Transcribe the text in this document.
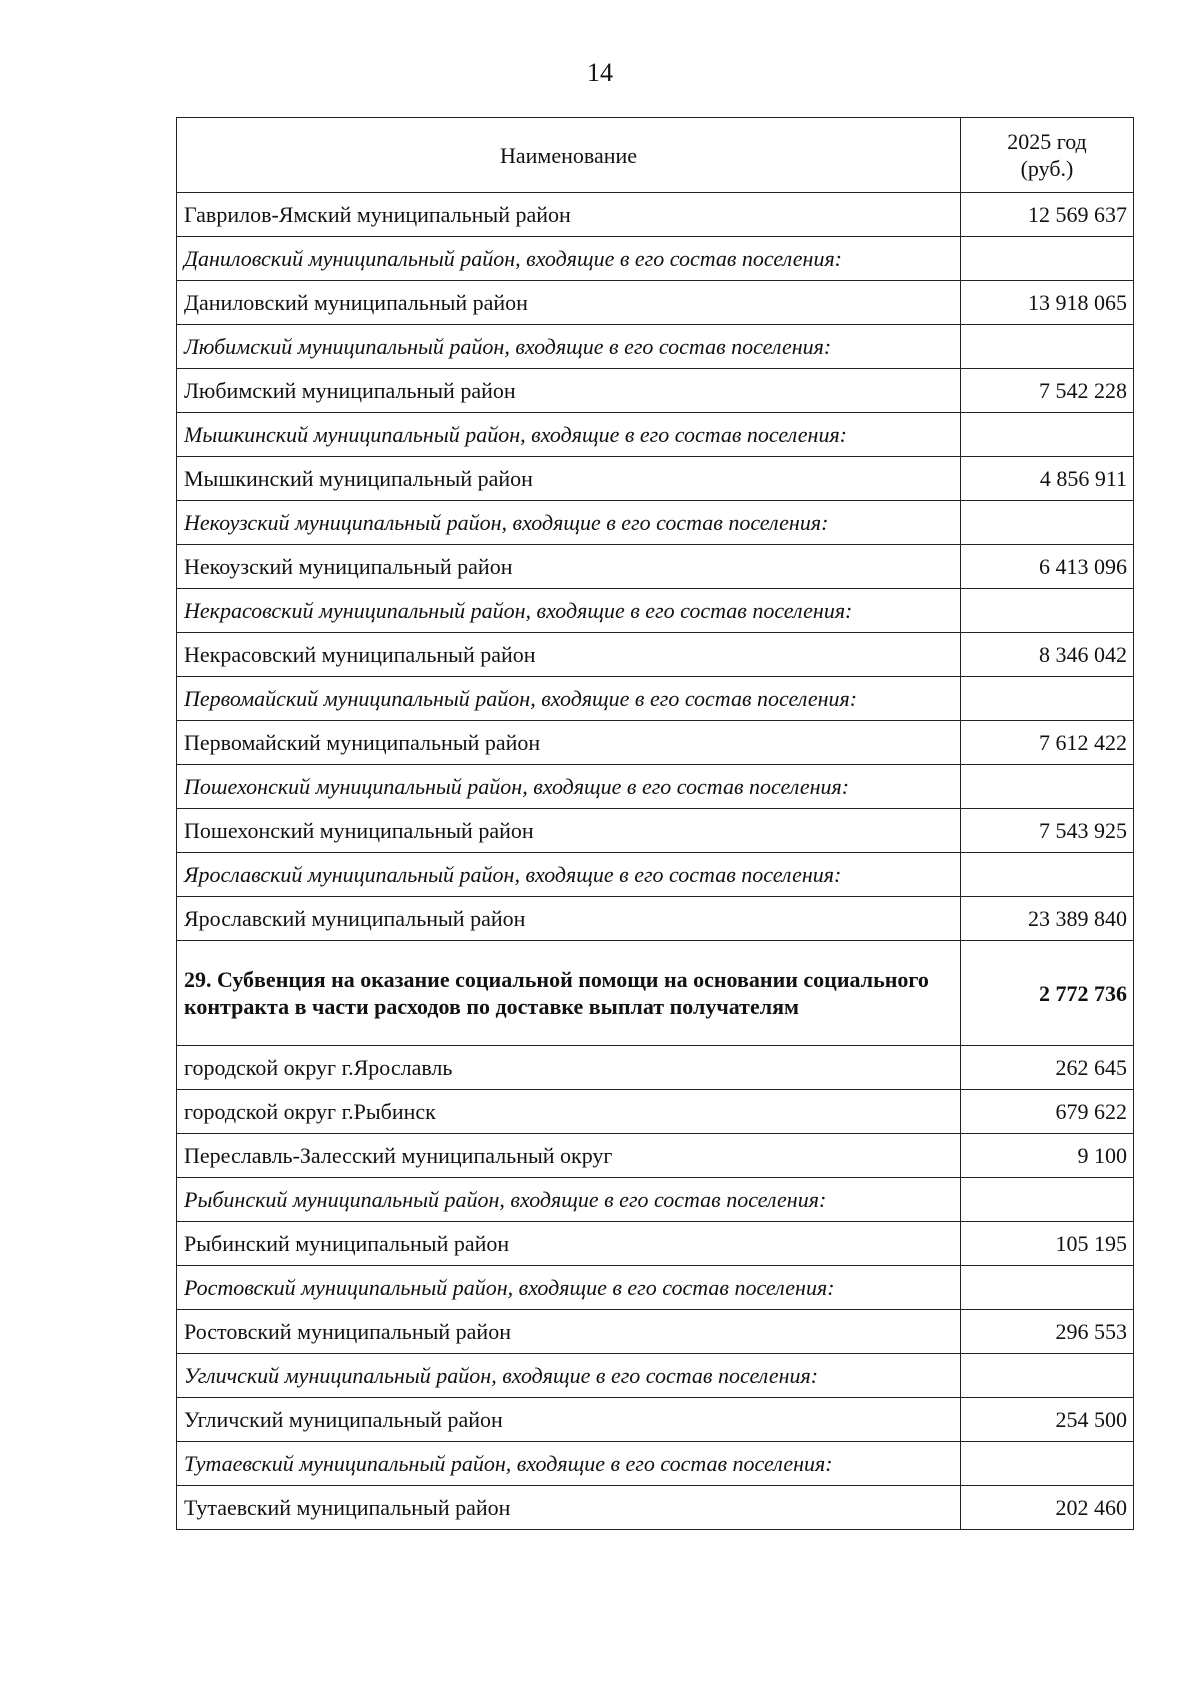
14
Наименование	2025 год
(руб.)
Гаврилов-Ямский муниципальный район	12 569 637
Даниловский муниципальный район, входящие в его состав поселения:	
Даниловский муниципальный район	13 918 065
Любимский муниципальный район, входящие в его состав поселения:	
Любимский муниципальный район	7 542 228
Мышкинский муниципальный район, входящие в его состав поселения:	
Мышкинский муниципальный район	4 856 911
Некоузский муниципальный район, входящие в его состав поселения:	
Некоузский муниципальный район	6 413 096
Некрасовский муниципальный район, входящие в его состав поселения:	
Некрасовский муниципальный район	8 346 042
Первомайский муниципальный район, входящие в его состав поселения:	
Первомайский муниципальный район	7 612 422
Пошехонский муниципальный район, входящие в его состав поселения:	
Пошехонский муниципальный район	7 543 925
Ярославский муниципальный район, входящие в его состав поселения:	
Ярославский муниципальный район	23 389 840
29. Субвенция на оказание социальной помощи на основании социального контракта в части расходов по доставке выплат получателям	2 772 736
городской округ г.Ярославль	262 645
городской округ г.Рыбинск	679 622
Переславль-Залесский муниципальный округ	9 100
Рыбинский муниципальный район, входящие в его состав поселения:	
Рыбинский муниципальный район	105 195
Ростовский муниципальный район, входящие в его состав поселения:	
Ростовский муниципальный район	296 553
Угличский муниципальный район, входящие в его состав поселения:	
Угличский муниципальный район	254 500
Тутаевский муниципальный район, входящие в его состав поселения:	
Тутаевский муниципальный район	202 460
